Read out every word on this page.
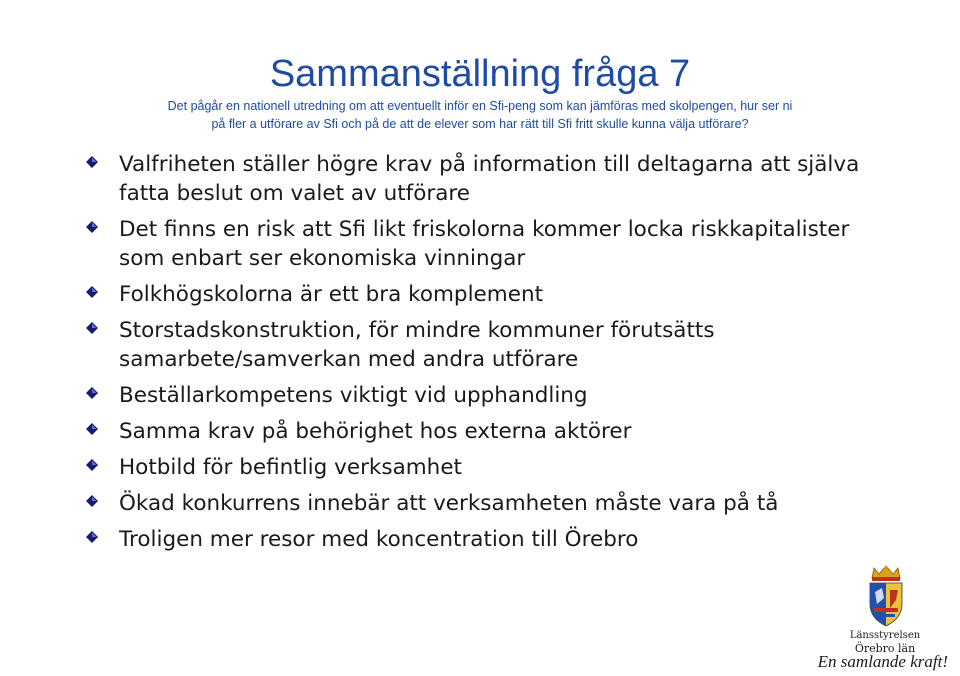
Sammanställning fråga 7
Det pågår en nationell utredning om att eventuellt inför en Sfi-peng som kan jämföras med skolpengen, hur ser ni
på fler a utförare av Sfi och på de att de elever som har rätt till Sfi fritt skulle kunna välja utförare?
Valfriheten ställer högre krav på information till deltagarna att själva fatta beslut om valet av utförare
Det finns en risk att Sfi likt friskolorna kommer locka riskkapitalister som enbart ser ekonomiska vinningar
Folkhögskolorna är ett bra komplement
Storstadskonstruktion, för mindre kommuner förutsätts samarbete/samverkan med andra utförare
Beställarkompetens viktigt vid upphandling
Samma krav på behörighet hos externa aktörer
Hotbild för befintlig verksamhet
Ökad konkurrens innebär att verksamheten måste vara på tå
Troligen mer resor med koncentration till Örebro
Länsstyrelsen
Örebro län
En samlande kraft!
